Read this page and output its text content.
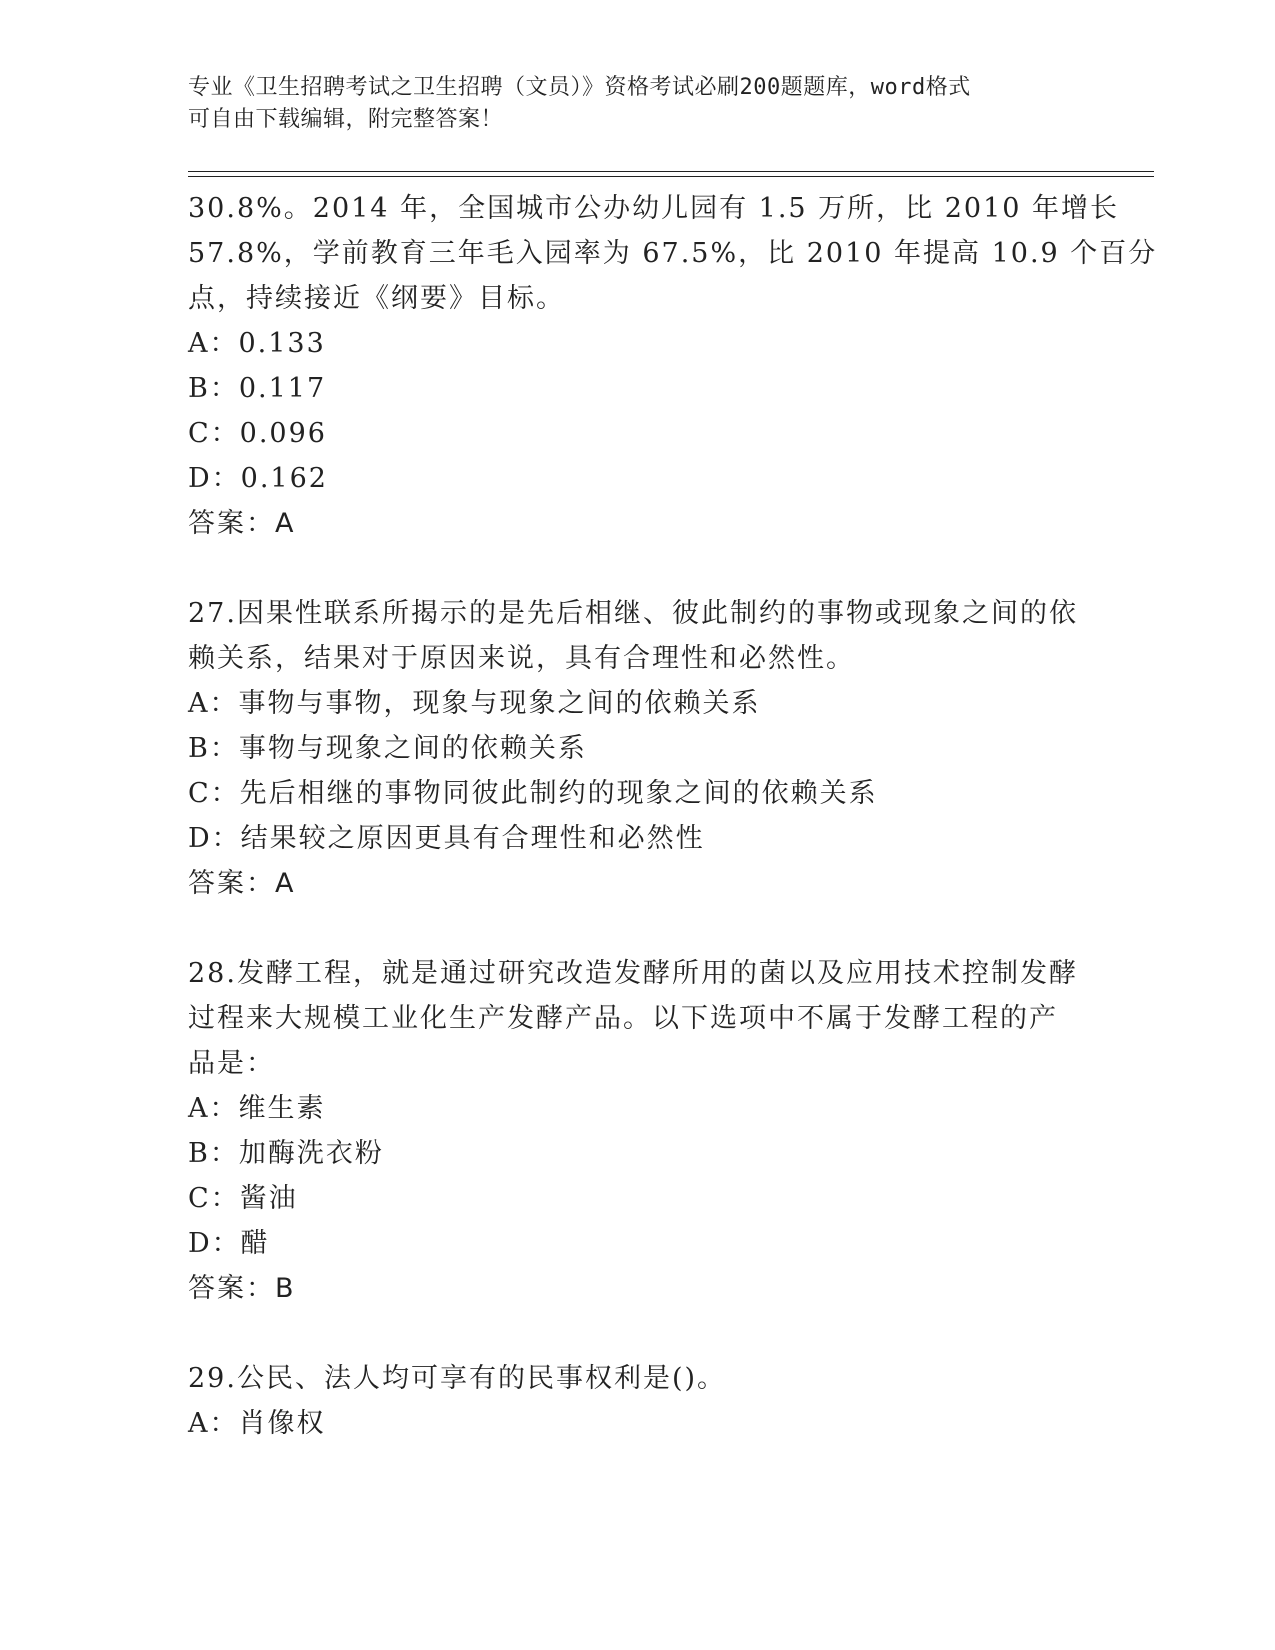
专业《卫生招聘考试之卫生招聘（文员）》资格考试必刷200题题库，word格式
可自由下载编辑，附完整答案！
30.8%。2014 年，全国城市公办幼儿园有 1.5 万所，比 2010 年增长
57.8%，学前教育三年毛入园率为 67.5%，比 2010 年提高 10.9 个百分
点，持续接近《纲要》目标。
A：0.133
B：0.117
C：0.096
D：0.162
答案：A
27.因果性联系所揭示的是先后相继、彼此制约的事物或现象之间的依
赖关系，结果对于原因来说，具有合理性和必然性。
A：事物与事物，现象与现象之间的依赖关系
B：事物与现象之间的依赖关系
C：先后相继的事物同彼此制约的现象之间的依赖关系
D：结果较之原因更具有合理性和必然性
答案：A
28.发酵工程，就是通过研究改造发酵所用的菌以及应用技术控制发酵
过程来大规模工业化生产发酵产品。以下选项中不属于发酵工程的产
品是：
A：维生素
B：加酶洗衣粉
C：酱油
D：醋
答案：B
29.公民、法人均可享有的民事权利是()。
A：肖像权
